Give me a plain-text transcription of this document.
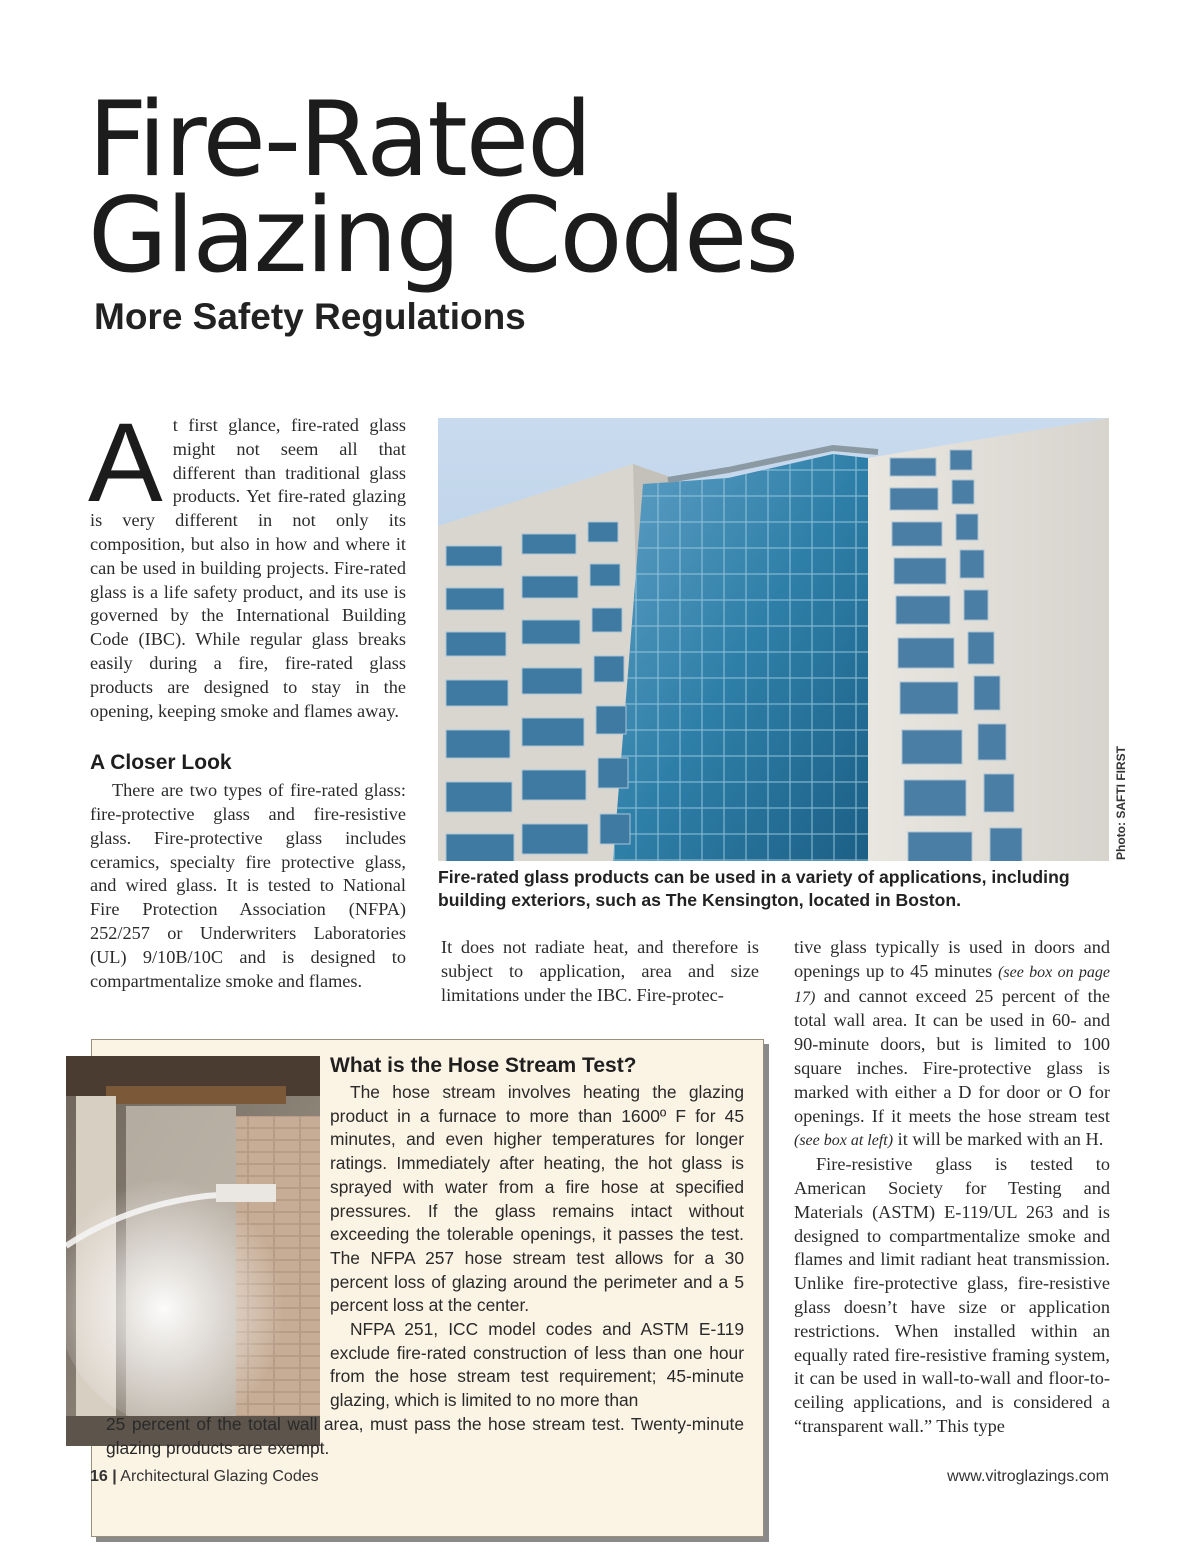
Fire-Rated
Glazing Codes
More Safety Regulations
A t first glance, fire-rated glass might not seem all that different than traditional glass products. Yet fire-rated glazing is very different in not only its composition, but also in how and where it can be used in building projects. Fire-rated glass is a life safety product, and its use is governed by the International Building Code (IBC). While regular glass breaks easily during a fire, fire-rated glass products are designed to stay in the opening, keeping smoke and flames away.

A Closer Look

There are two types of fire-rated glass: fire-protective glass and fire-resistive glass. Fire-protective glass includes ceramics, specialty fire protective glass, and wired glass. It is tested to National Fire Protection Association (NFPA) 252/257 or Underwriters Laboratories (UL) 9/10B/10C and is designed to compartmentalize smoke and flames.

Photo: SAFTI FIRST
Fire-rated glass products can be used in a variety of applications, including building exteriors, such as The Kensington, located in Boston.

It does not radiate heat, and therefore is subject to application, area and size limitations under the IBC. Fire-protec-

tive glass typically is used in doors and openings up to 45 minutes (see box on page 17) and cannot exceed 25 percent of the total wall area. It can be used in 60- and 90-minute doors, but is limited to 100 square inches. Fire-protective glass is marked with either a D for door or O for openings. If it meets the hose stream test (see box at left) it will be marked with an H.

Fire-resistive glass is tested to American Society for Testing and Materials (ASTM) E-119/UL 263 and is designed to compartmentalize smoke and flames and limit radiant heat transmission. Unlike fire-protective glass, fire-resistive glass doesn’t have size or application restrictions. When installed within an equally rated fire-resistive framing system, it can be used in wall-to-wall and floor-to-ceiling applications, and is considered a “transparent wall.” This type

What is the Hose Stream Test?

The hose stream involves heating the glazing product in a furnace to more than 1600º F for 45 minutes, and even higher temperatures for longer ratings. Immediately after heating, the hot glass is sprayed with water from a fire hose at specified pressures. If the glass remains intact without exceeding the tolerable openings, it passes the test. The NFPA 257 hose stream test allows for a 30 percent loss of glazing around the perimeter and a 5 percent loss at the center.

NFPA 251, ICC model codes and ASTM E-119 exclude fire-rated construction of less than one hour from the hose stream test requirement; 45-minute glazing, which is limited to no more than

25 percent of the total wall area, must pass the hose stream test. Twenty-minute glazing products are exempt.

16 | Architectural Glazing Codes	www.vitroglazings.com
